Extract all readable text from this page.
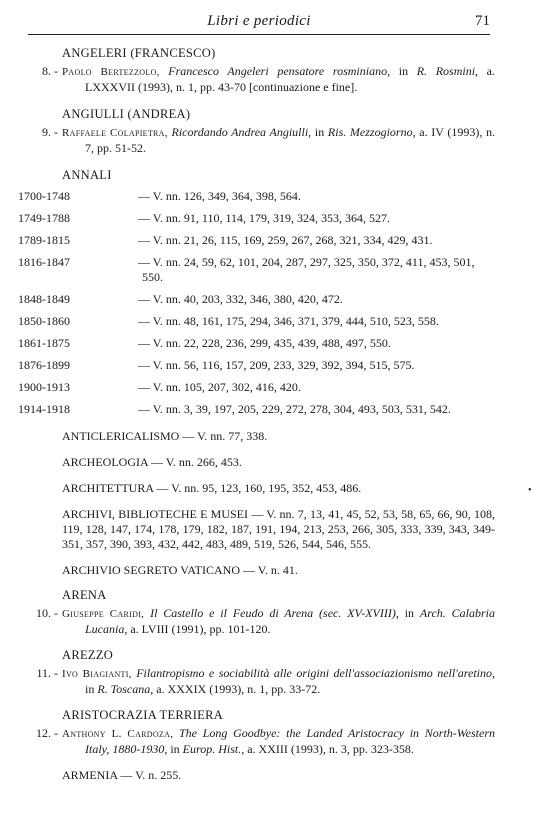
Libri e periodici	71
ANGELERI (FRANCESCO)
8. - Paolo Bertezzolo, Francesco Angeleri pensatore rosminiano, in R. Rosmini, a. LXXXVII (1993), n. 1, pp. 43-70 [continuazione e fine].
ANGIULLI (ANDREA)
9. - Raffaele Colapietra, Ricordando Andrea Angiulli, in Ris. Mezzogiorno, a. IV (1993), n. 7, pp. 51-52.
ANNALI
1700-1748	— V. nn. 126, 349, 364, 398, 564.
1749-1788	— V. nn. 91, 110, 114, 179, 319, 324, 353, 364, 527.
1789-1815	— V. nn. 21, 26, 115, 169, 259, 267, 268, 321, 334, 429, 431.
1816-1847	— V. nn. 24, 59, 62, 101, 204, 287, 297, 325, 350, 372, 411, 453, 501, 550.
1848-1849	— V. nn. 40, 203, 332, 346, 380, 420, 472.
1850-1860	— V. nn. 48, 161, 175, 294, 346, 371, 379, 444, 510, 523, 558.
1861-1875	— V. nn. 22, 228, 236, 299, 435, 439, 488, 497, 550.
1876-1899	— V. nn. 56, 116, 157, 209, 233, 329, 392, 394, 515, 575.
1900-1913	— V. nn. 105, 207, 302, 416, 420.
1914-1918	— V. nn. 3, 39, 197, 205, 229, 272, 278, 304, 493, 503, 531, 542.
ANTICLERICALISMO — V. nn. 77, 338.
ARCHEOLOGIA — V. nn. 266, 453.
ARCHITETTURA — V. nn. 95, 123, 160, 195, 352, 453, 486.
ARCHIVI, BIBLIOTECHE E MUSEI — V. nn. 7, 13, 41, 45, 52, 53, 58, 65, 66, 90, 108, 119, 128, 147, 174, 178, 179, 182, 187, 191, 194, 213, 253, 266, 305, 333, 339, 343, 349-351, 357, 390, 393, 432, 442, 483, 489, 519, 526, 544, 546, 555.
ARCHIVIO SEGRETO VATICANO — V. n. 41.
ARENA
10. - Giuseppe Caridi, Il Castello e il Feudo di Arena (sec. XV-XVIII), in Arch. Calabria Lucania, a. LVIII (1991), pp. 101-120.
AREZZO
11. - Ivo Biagianti, Filantropismo e sociabilità alle origini dell'associazionismo nell'aretino, in R. Toscana, a. XXXIX (1993), n. 1, pp. 33-72.
ARISTOCRAZIA TERRIERA
12. - Anthony L. Cardoza, The Long Goodbye: the Landed Aristocracy in North-Western Italy, 1880-1930, in Europ. Hist., a. XXIII (1993), n. 3, pp. 323-358.
ARMENIA — V. n. 255.
•
